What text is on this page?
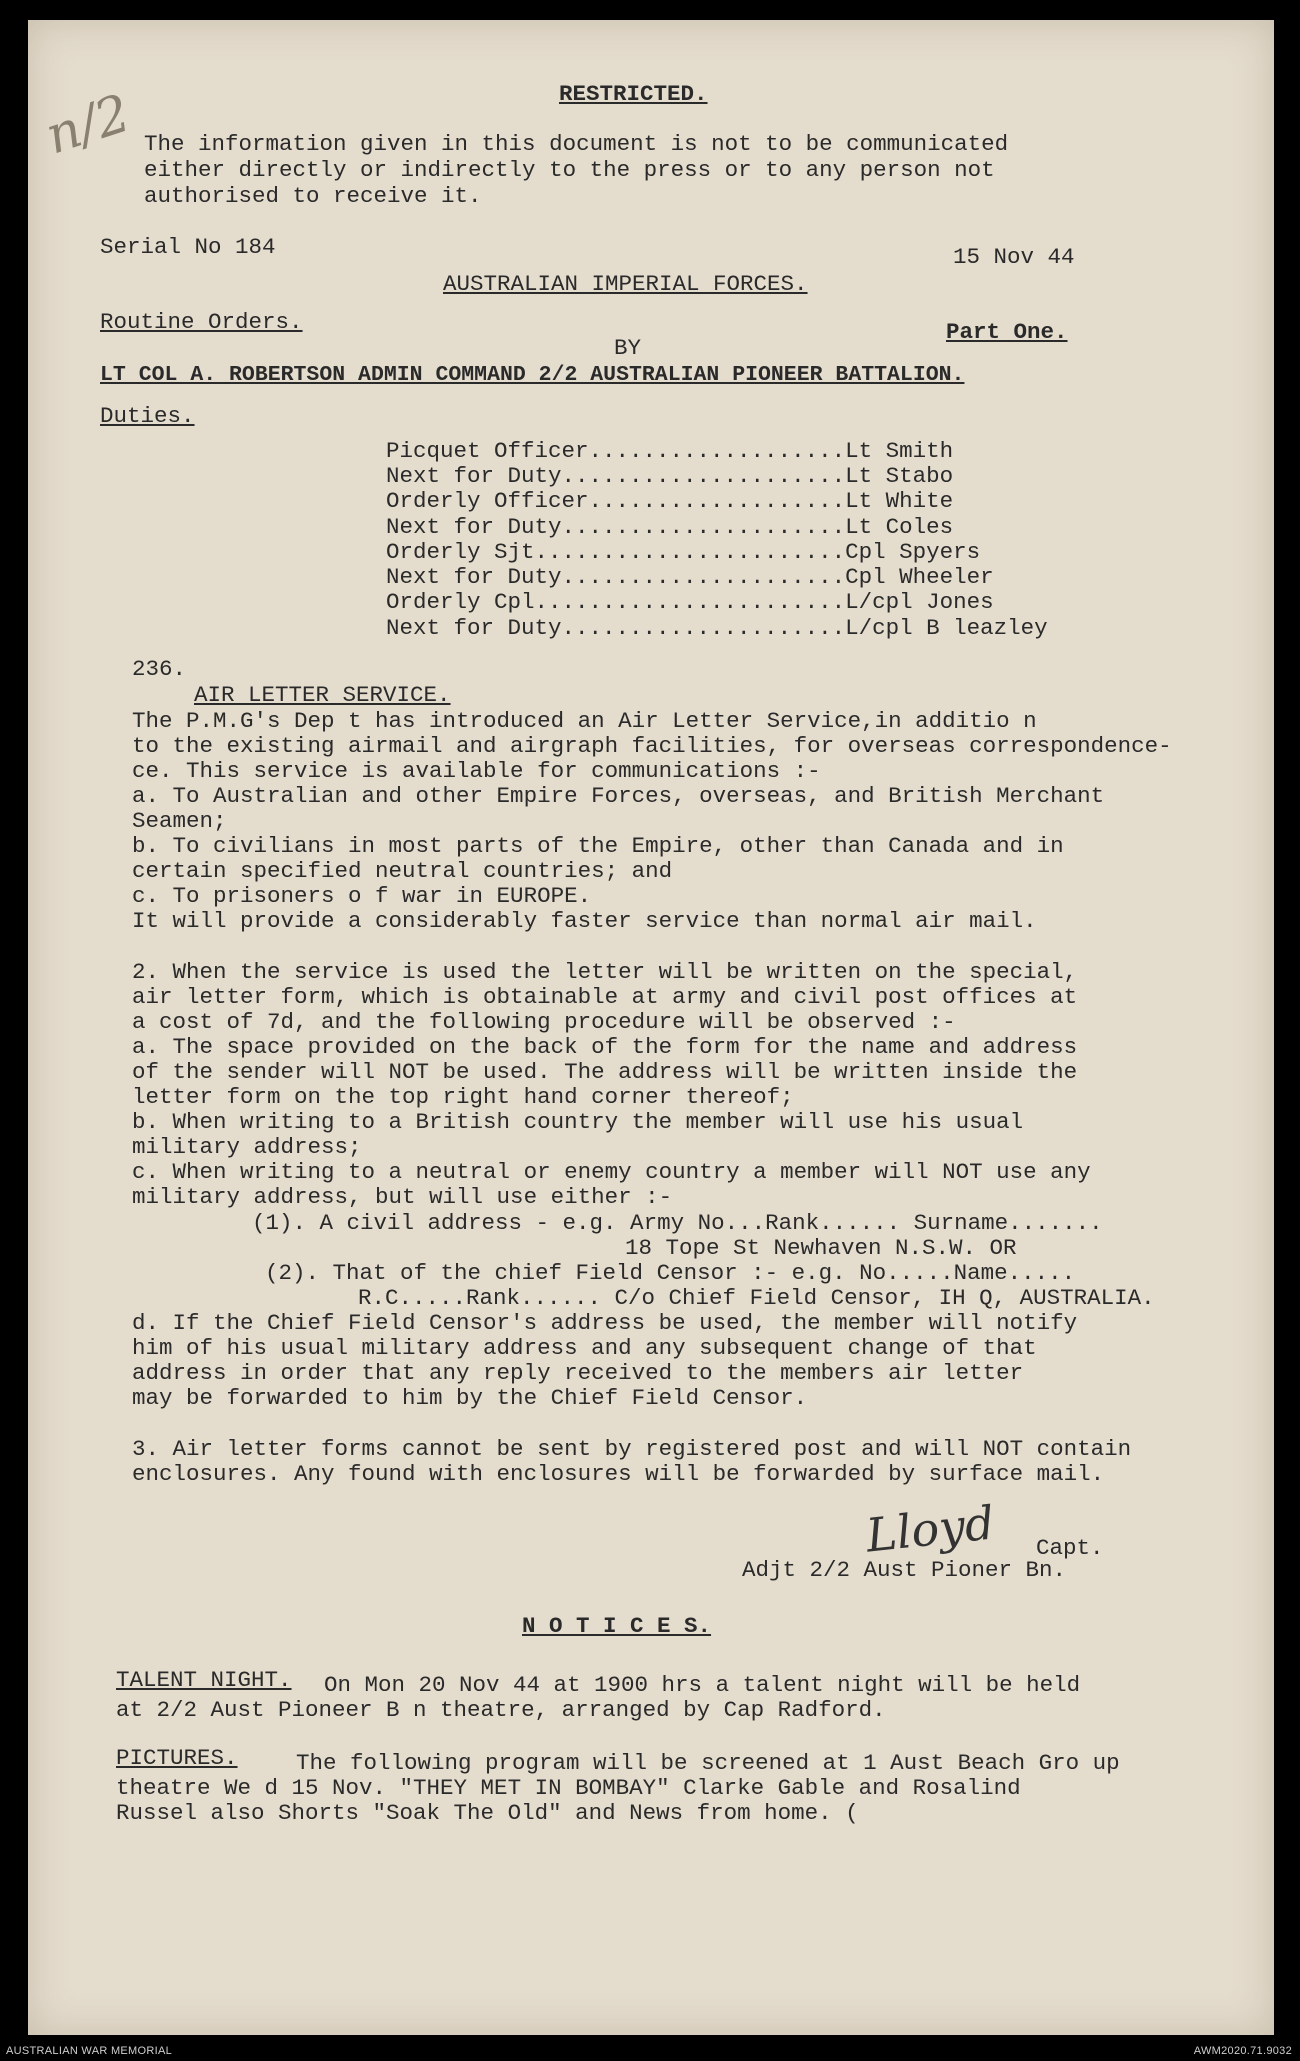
n/2	RESTRICTED.
The information given in this document is not to be communicated
either directly or indirectly to the press or to any person not
authorised to receive it.
Serial No 184	15 Nov 44
AUSTRALIAN IMPERIAL FORCES.
Routine Orders.	Part One.
BY
LT COL A. ROBERTSON ADMIN COMMAND 2/2 AUSTRALIAN PIONEER BATTALION.
Duties.
Picquet Officer...................Lt Smith
Next for Duty.....................Lt Stabo
Orderly Officer...................Lt White
Next for Duty.....................Lt Coles
Orderly Sjt.......................Cpl Spyers
Next for Duty.....................Cpl Wheeler
Orderly Cpl.......................L/cpl Jones
Next for Duty.....................L/cpl B leazley
236.
AIR LETTER SERVICE.
The P.M.G's Dep t has introduced an Air Letter Service,in additio n
to the existing airmail and airgraph facilities, for overseas correspondence-
ce. This service is available for communications :-
a. To Australian and other Empire Forces, overseas, and British Merchant
Seamen;
b. To civilians in most parts of the Empire, other than Canada and in
certain specified neutral countries; and
c. To prisoners o f war in EUROPE.
It will provide a considerably faster service than normal air mail.
2. When the service is used the letter will be written on the special,
air letter form, which is obtainable at army and civil post offices at
a cost of 7d, and the following procedure will be observed :-
a. The space provided on the back of the form for the name and address
of the sender will NOT be used. The address will be written inside the
letter form on the top right hand corner thereof;
b. When writing to a British country the member will use his usual
military address;
c. When writing to a neutral or enemy country a member will NOT use any
military address, but will use either :-
(1). A civil address - e.g. Army No...Rank...... Surname.......
18 Tope St Newhaven N.S.W. OR
(2). That of the chief Field Censor :- e.g. No.....Name.....
R.C.....Rank...... C/o Chief Field Censor, IH Q, AUSTRALIA.
d. If the Chief Field Censor's address be used, the member will notify
him of his usual military address and any subsequent change of that
address in order that any reply received to the members air letter
may be forwarded to him by the Chief Field Censor.
3. Air letter forms cannot be sent by registered post and will NOT contain
enclosures. Any found with enclosures will be forwarded by surface mail.
Lloyd Capt.
Adjt 2/2 Aust Pioner Bn.
N O T I C E S.
TALENT NIGHT. On Mon 20 Nov 44 at 1900 hrs a talent night will be held
at 2/2 Aust Pioneer B n theatre, arranged by Cap Radford.
PICTURES.	The following program will be screened at 1 Aust Beach Gro up
theatre We d 15 Nov. "THEY MET IN BOMBAY" Clarke Gable and Rosalind
Russel also Shorts "Soak The Old" and News from home. (
AUSTRALIAN WAR MEMORIAL	AWM2020.71.9032
